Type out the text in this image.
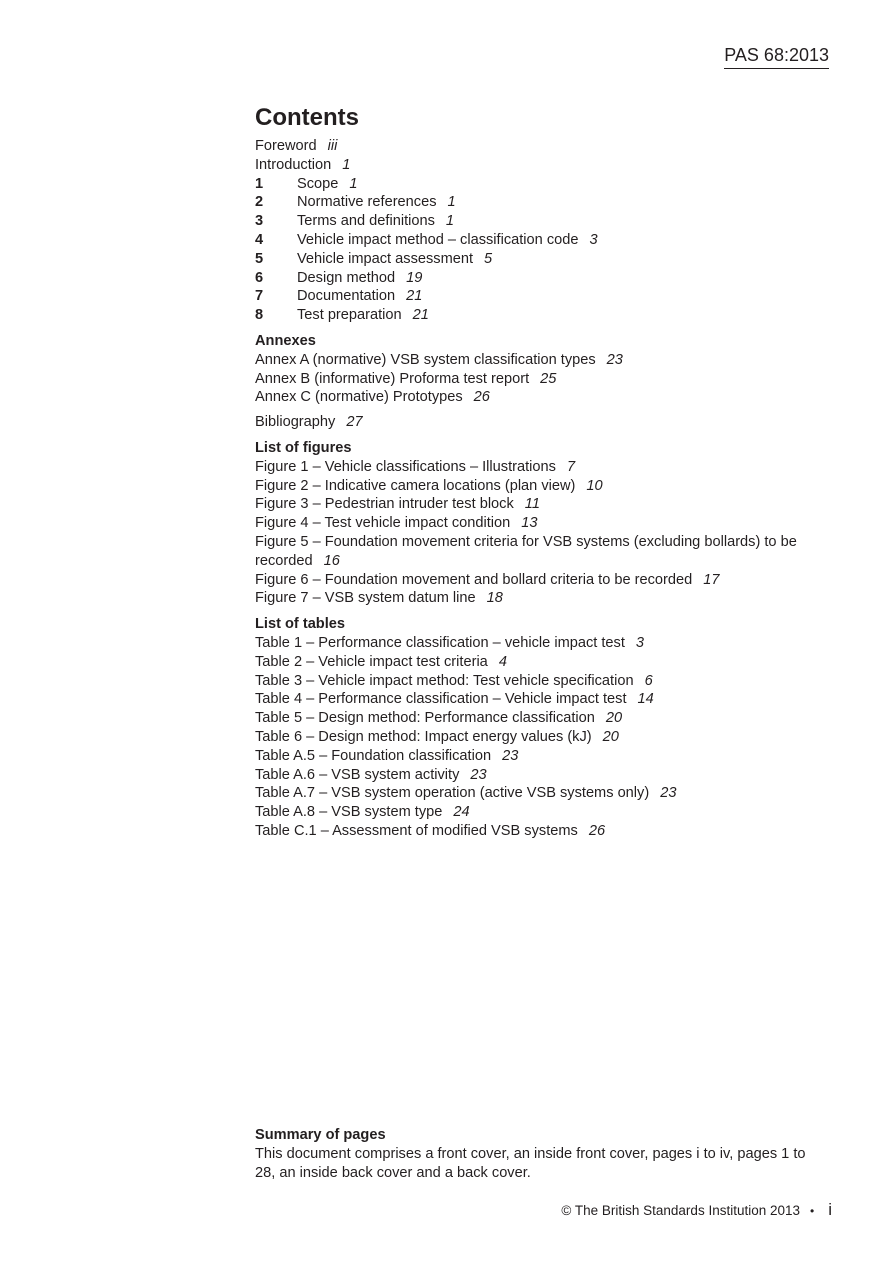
PAS 68:2013
Contents
Foreword iii
Introduction 1
1 Scope 1
2 Normative references 1
3 Terms and definitions 1
4 Vehicle impact method – classification code 3
5 Vehicle impact assessment 5
6 Design method 19
7 Documentation 21
8 Test preparation 21
Annexes
Annex A (normative) VSB system classification types 23
Annex B (informative) Proforma test report 25
Annex C (normative) Prototypes 26
Bibliography 27
List of figures
Figure 1 – Vehicle classifications – Illustrations 7
Figure 2 – Indicative camera locations (plan view) 10
Figure 3 – Pedestrian intruder test block 11
Figure 4 – Test vehicle impact condition 13
Figure 5 – Foundation movement criteria for VSB systems (excluding bollards) to be recorded 16
Figure 6 – Foundation movement and bollard criteria to be recorded 17
Figure 7 – VSB system datum line 18
List of tables
Table 1 – Performance classification – vehicle impact test 3
Table 2 – Vehicle impact test criteria 4
Table 3 – Vehicle impact method: Test vehicle specification 6
Table 4 – Performance classification – Vehicle impact test 14
Table 5 – Design method: Performance classification 20
Table 6 – Design method: Impact energy values (kJ) 20
Table A.5 – Foundation classification 23
Table A.6 – VSB system activity 23
Table A.7 – VSB system operation (active VSB systems only) 23
Table A.8 – VSB system type 24
Table C.1 – Assessment of modified VSB systems 26
Summary of pages
This document comprises a front cover, an inside front cover, pages i to iv, pages 1 to 28, an inside back cover and a back cover.
© The British Standards Institution 2013 • i
